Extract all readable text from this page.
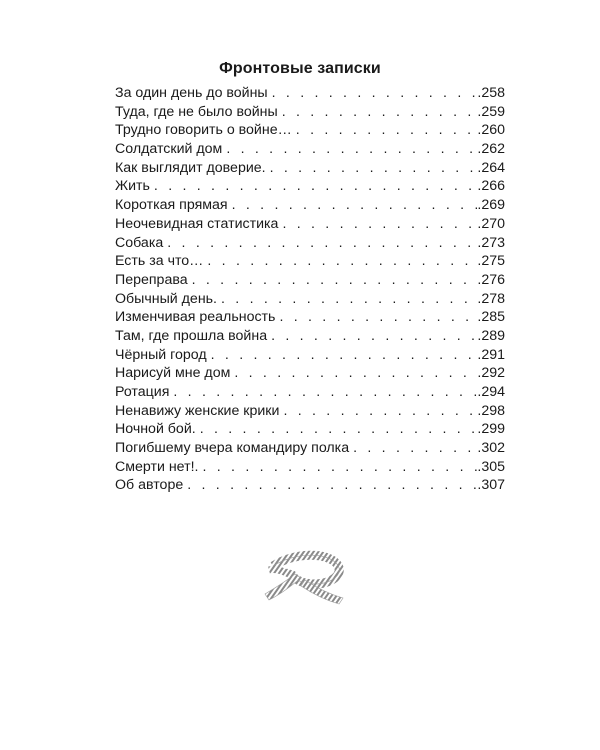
Фронтовые записки
За один день до войны . . .	.258
Туда, где не было войны . . .	.259
Трудно говорить о войне… . . .	.260
Солдатский дом . . .	.262
Как выглядит доверие. . . .	.264
Жить . . .	.266
Короткая прямая . . .	.269
Неочевидная статистика . . .	.270
Собака . . .	.273
Есть за что… . . .	.275
Переправа . . .	.276
Обычный день. . . .	.278
Изменчивая реальность . . .	.285
Там, где прошла война . . .	.289
Чёрный город . . .	.291
Нарисуй мне дом . . .	.292
Ротация . . .	.294
Ненавижу женские крики . . .	.298
Ночной бой. . . .	.299
Погибшему вчера командиру полка . . .	.302
Смерти нет!. . . .	.305
Об авторе . . .	.307
